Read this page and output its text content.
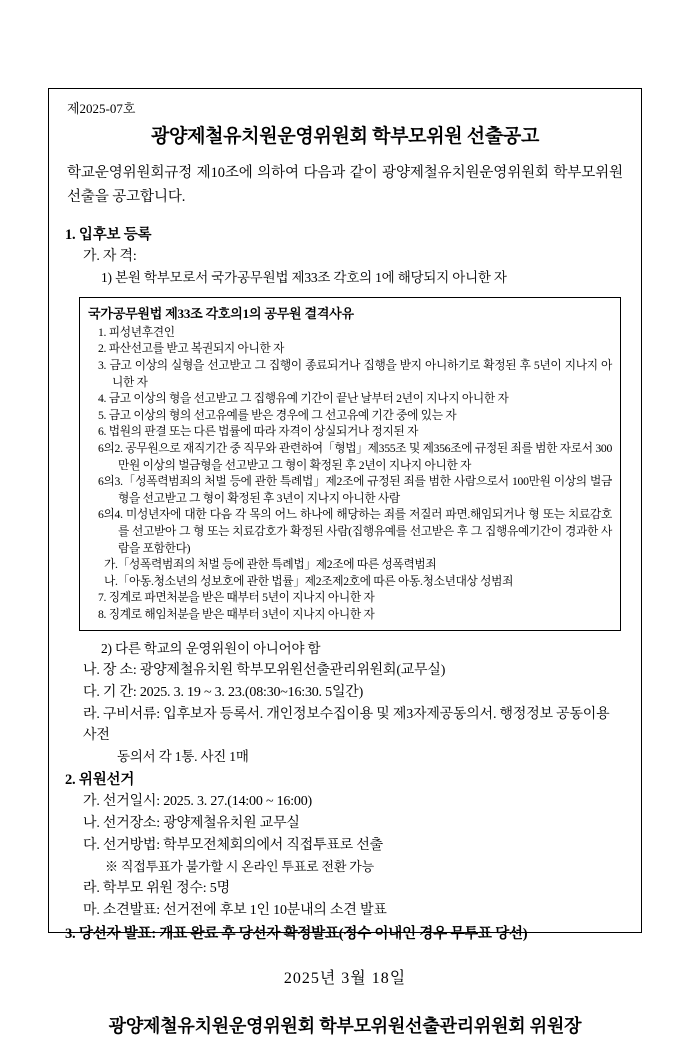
제2025-07호
광양제철유치원운영위원회 학부모위원 선출공고

학교운영위원회규정 제10조에 의하여 다음과 같이 광양제철유치원운영위원회 학부모위원 선출을 공고합니다.

1. 입후보 등록
가. 자 격:
1) 본원 학부모로서 국가공무원법 제33조 각호의 1에 해당되지 아니한 자
국가공무원법 제33조 각호의1의 공무원 결격사유
1. 피성년후견인
2. 파산선고를 받고 복권되지 아니한 자
3. 금고 이상의 실형을 선고받고 그 집행이 종료되거나 집행을 받지 아니하기로 확정된 후 5년이 지나지 아니한 자
4. 금고 이상의 형을 선고받고 그 집행유예 기간이 끝난 날부터 2년이 지나지 아니한 자
5. 금고 이상의 형의 선고유예를 받은 경우에 그 선고유예 기간 중에 있는 자
6. 법원의 판결 또는 다른 법률에 따라 자격이 상실되거나 정지된 자
6의2. 공무원으로 재직기간 중 직무와 관련하여「형법」제355조 및 제356조에 규정된 죄를 범한 자로서 300만원 이상의 벌금형을 선고받고 그 형이 확정된 후 2년이 지나지 아니한 자
6의3.「성폭력범죄의 처벌 등에 관한 특례법」제2조에 규정된 죄를 범한 사람으로서 100만원 이상의 벌금형을 선고받고 그 형이 확정된 후 3년이 지나지 아니한 사람
6의4. 미성년자에 대한 다음 각 목의 어느 하나에 해당하는 죄를 저질러 파면.해임되거나 형 또는 치료감호를 선고받아 그 형 또는 치료감호가 확정된 사람(집행유예를 선고받은 후 그 집행유예기간이 경과한 사람을 포함한다)
가.「성폭력범죄의 처벌 등에 관한 특례법」제2조에 따른 성폭력범죄
나.「아동.청소년의 성보호에 관한 법률」제2조제2호에 따른 아동.청소년대상 성범죄
7. 징계로 파면처분을 받은 때부터 5년이 지나지 아니한 자
8. 징계로 해임처분을 받은 때부터 3년이 지나지 아니한 자
2) 다른 학교의 운영위원이 아니어야 함
나. 장 소: 광양제철유치원 학부모위원선출관리위원회(교무실)
다. 기 간: 2025. 3. 19 ~ 3. 23.(08:30~16:30. 5일간)
라. 구비서류: 입후보자 등록서. 개인정보수집이용 및 제3자제공동의서. 행정정보 공동이용 사전
동의서 각 1통. 사진 1매
2. 위원선거
가. 선거일시: 2025. 3. 27.(14:00 ~ 16:00)
나. 선거장소: 광양제철유치원 교무실
다. 선거방법: 학부모전체회의에서 직접투표로 선출
※ 직접투표가 불가할 시 온라인 투표로 전환 가능
라. 학부모 위원 정수: 5명
마. 소견발표: 선거전에 후보 1인 10분내의 소견 발표
3. 당선자 발표: 개표 완료 후 당선자 확정발표(정수 이내인 경우 무투표 당선)
2025년 3월 18일
광양제철유치원운영위원회 학부모위원선출관리위원회 위원장
